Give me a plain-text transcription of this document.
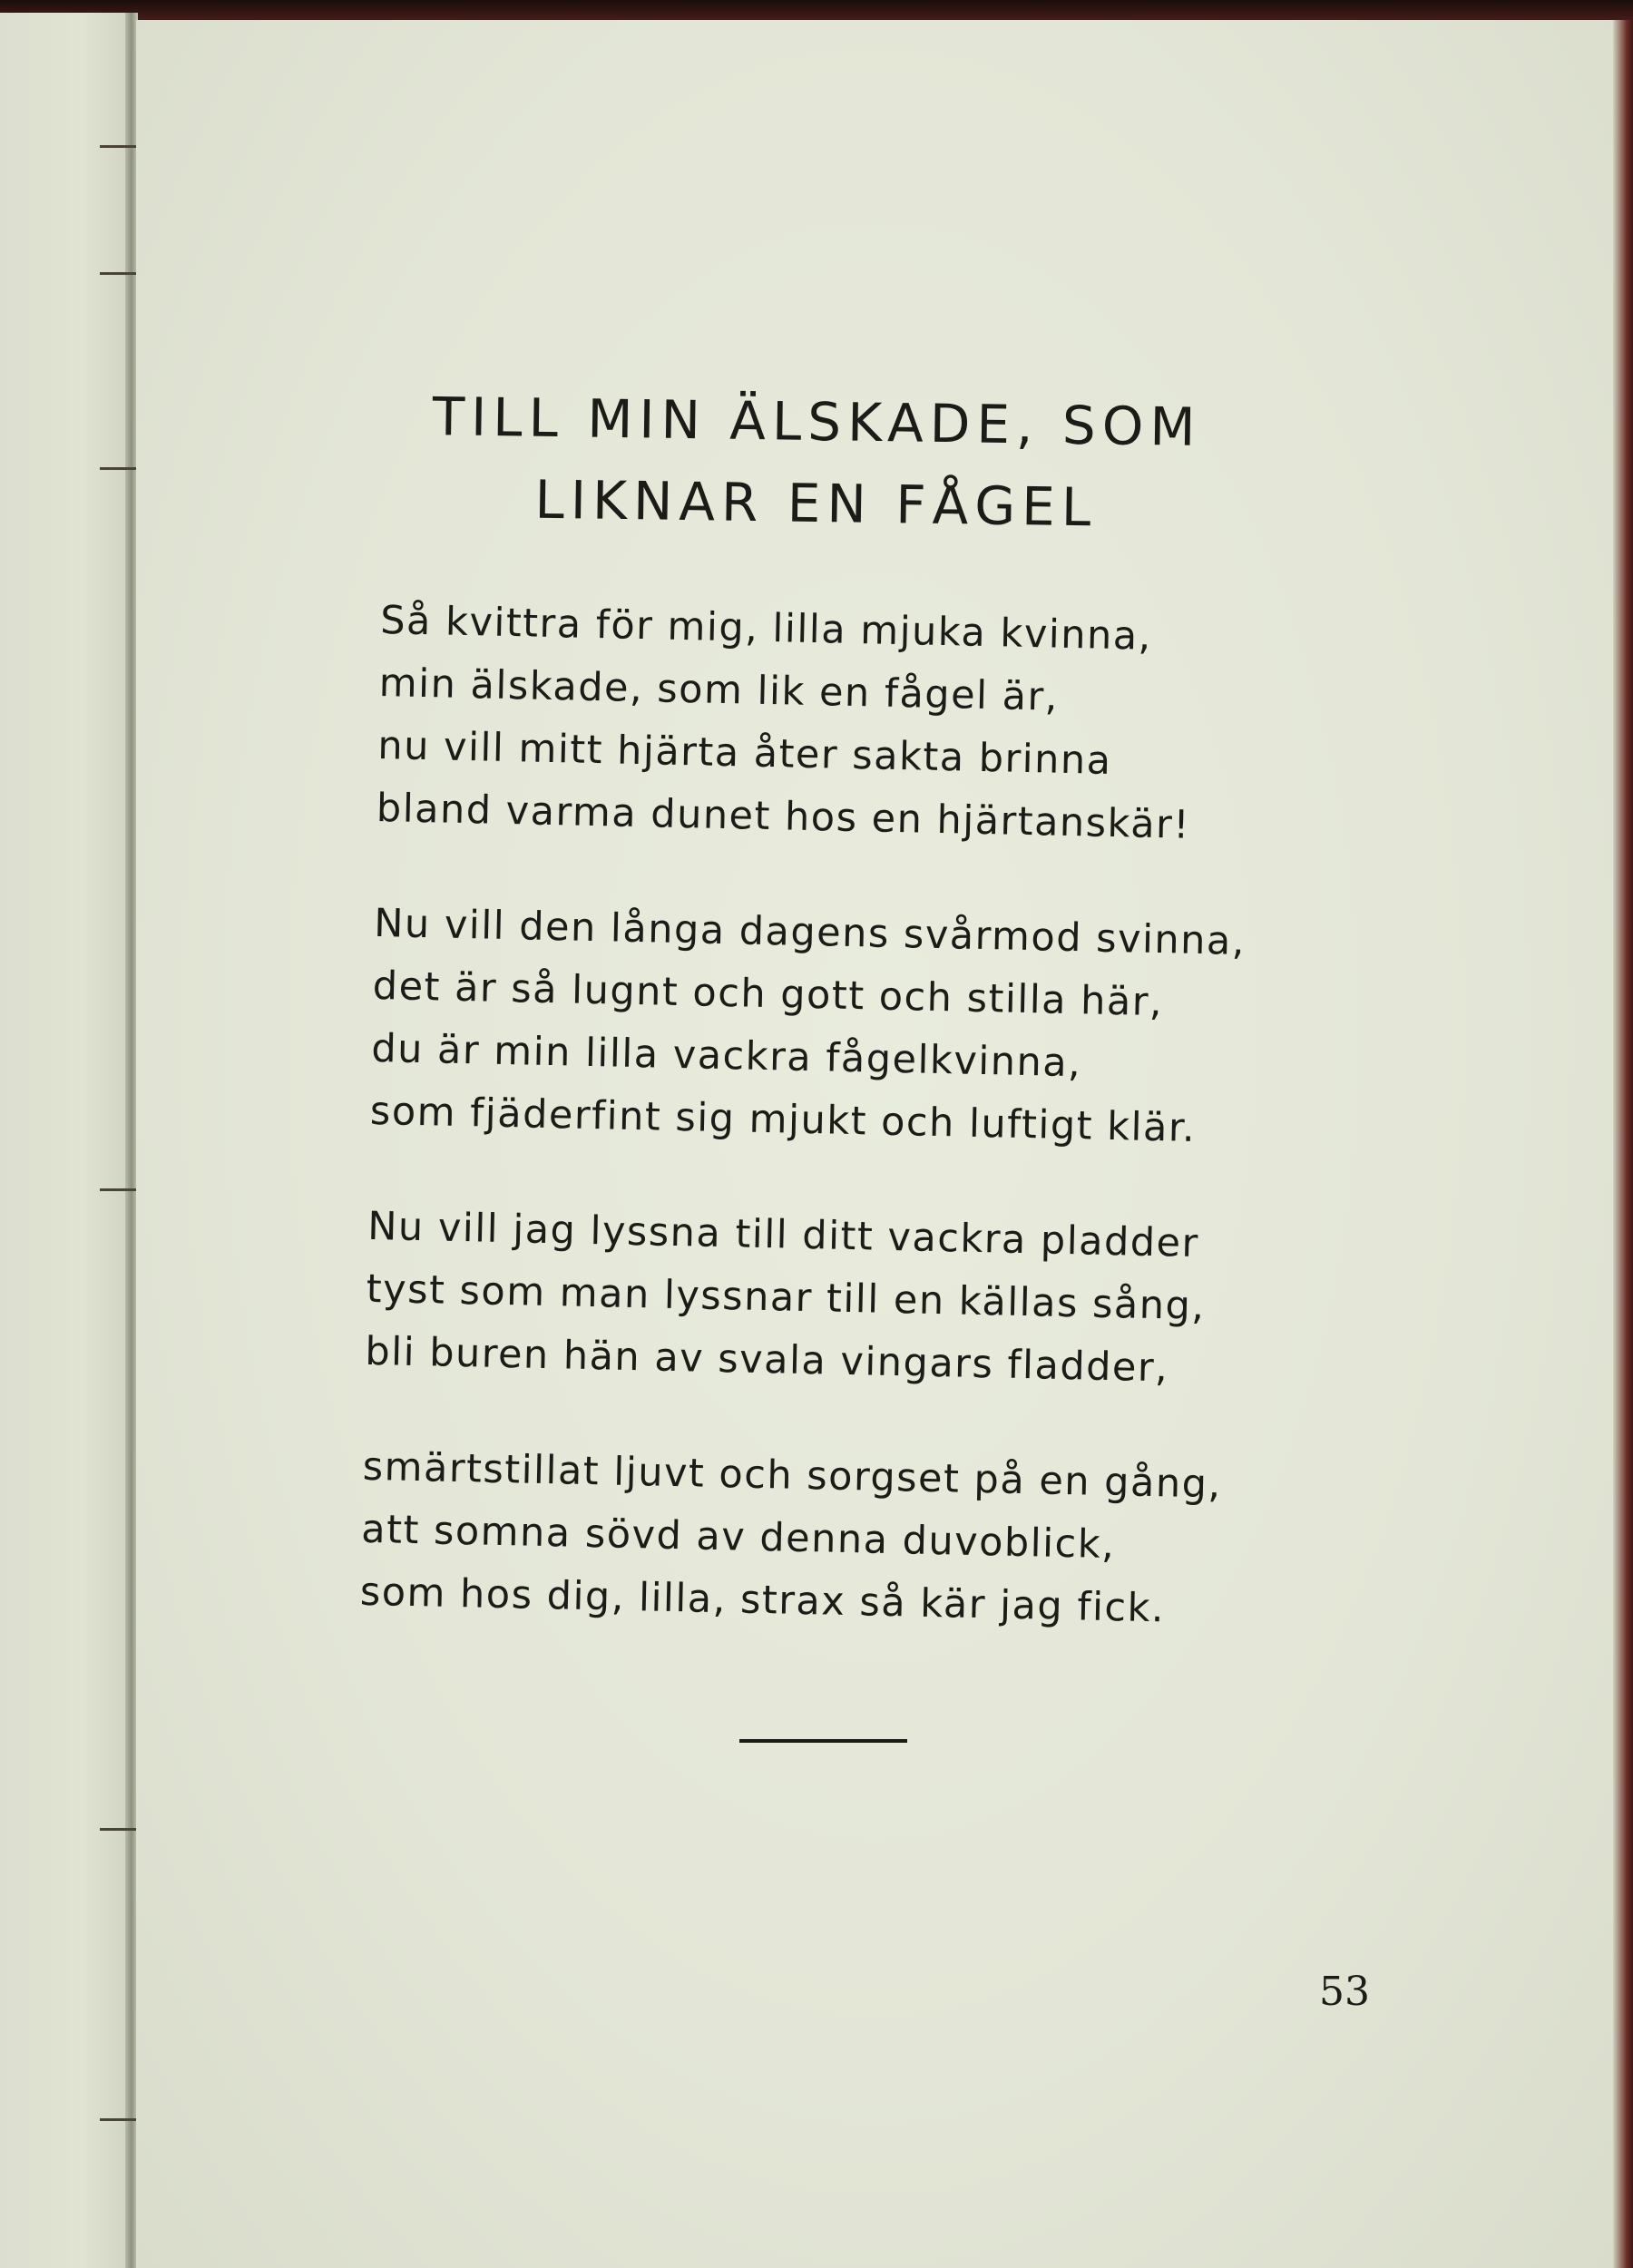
TILL MIN ÄLSKADE, SOM
LIKNAR EN FÅGEL
Så kvittra för mig, lilla mjuka kvinna,
min älskade, som lik en fågel är,
nu vill mitt hjärta åter sakta brinna
bland varma dunet hos en hjärtanskär!
Nu vill den långa dagens svårmod svinna,
det är så lugnt och gott och stilla här,
du är min lilla vackra fågelkvinna,
som fjäderfint sig mjukt och luftigt klär.
Nu vill jag lyssna till ditt vackra pladder
tyst som man lyssnar till en källas sång,
bli buren hän av svala vingars fladder,
smärtstillat ljuvt och sorgset på en gång,
att somna sövd av denna duvoblick,
som hos dig, lilla, strax så kär jag fick.
53
